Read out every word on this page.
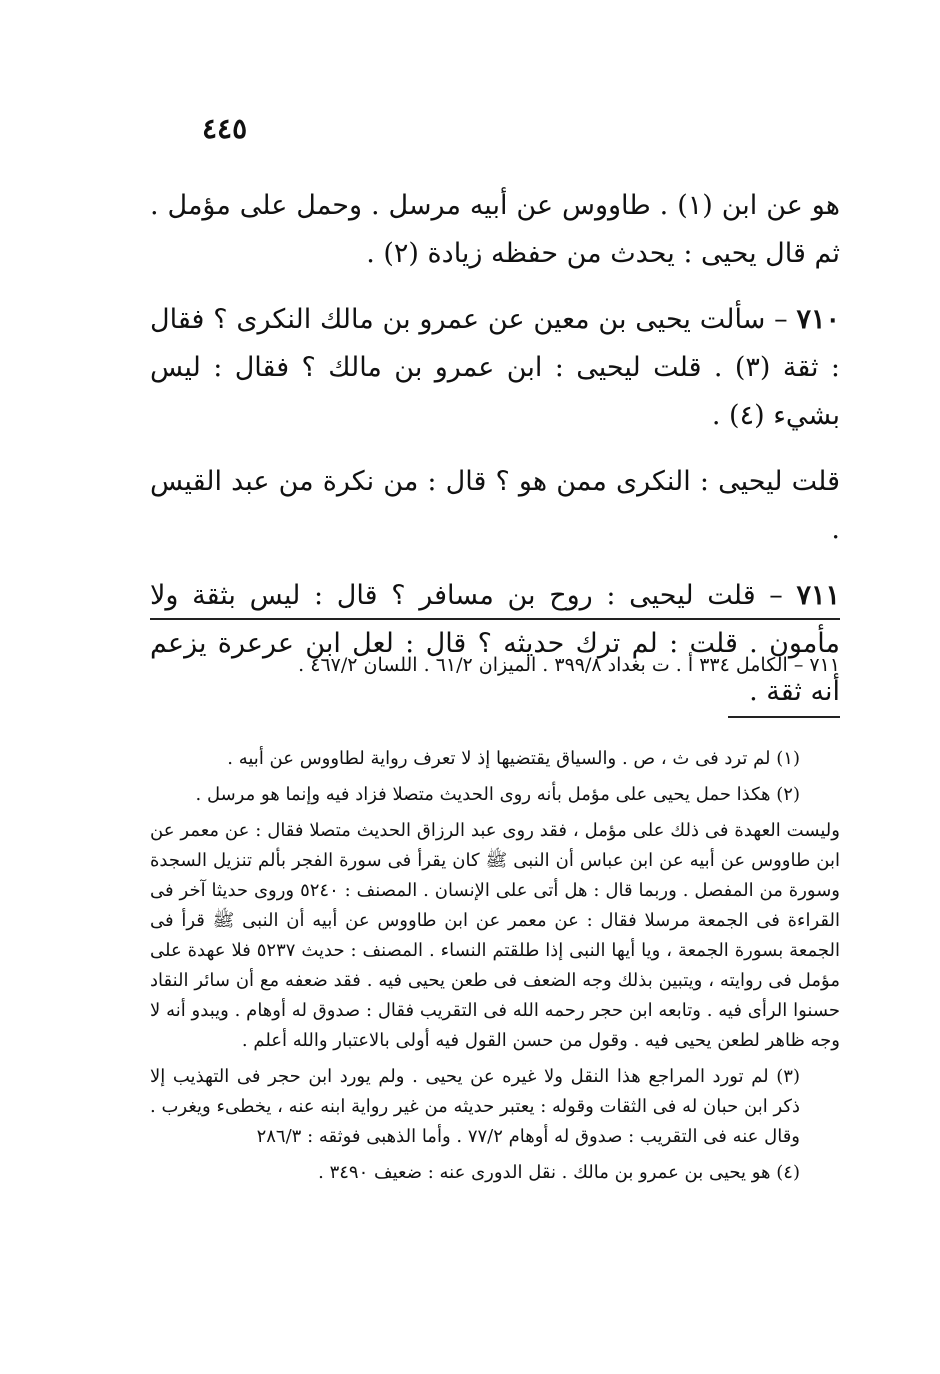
٤٤٥

هو عن ابن (١) . طاووس عن أبيه مرسل . وحمل على مؤمل . ثم قال يحيى : يحدث من حفظه زيادة (٢) .

٧١٠ – سألت يحيى بن معين عن عمرو بن مالك النكرى ؟ فقال : ثقة (٣) . قلت ليحيى : ابن عمرو بن مالك ؟ فقال : ليس بشيء (٤) .

قلت ليحيى : النكرى ممن هو ؟ قال : من نكرة من عبد القيس .

٧١١ – قلت ليحيى : روح بن مسافر ؟ قال : ليس بثقة ولا مأمون . قلت : لم ترك حديثه ؟ قال : لعل ابن عرعرة يزعم أنه ثقة .

٧١١ – الكامل ٣٣٤ أ . ت بغداد ٣٩٩/٨ . الميزان ٦١/٢ . اللسان ٤٦٧/٢ .

(١) لم ترد فى ث ، ص . والسياق يقتضيها إذ لا تعرف رواية لطاووس عن أبيه .

(٢) هكذا حمل يحيى على مؤمل بأنه روى الحديث متصلا فزاد فيه وإنما هو مرسل .

وليست العهدة فى ذلك على مؤمل ، فقد روى عبد الرزاق الحديث متصلا فقال : عن معمر عن ابن طاووس عن أبيه عن ابن عباس أن النبى ﷺ كان يقرأ فى سورة الفجر بألم تنزيل السجدة وسورة من المفصل . وربما قال : هل أتى على الإنسان . المصنف : ٥٢٤٠ وروى حديثا آخر فى القراءة فى الجمعة مرسلا فقال : عن معمر عن ابن طاووس عن أبيه أن النبى ﷺ قرأ فى الجمعة بسورة الجمعة ، ويا أيها النبى إذا طلقتم النساء . المصنف : حديث ٥٢٣٧ فلا عهدة على مؤمل فى روايته ، ويتبين بذلك وجه الضعف فى طعن يحيى فيه . فقد ضعفه مع أن سائر النقاد حسنوا الرأى فيه . وتابعه ابن حجر رحمه الله فى التقريب فقال : صدوق له أوهام . ويبدو أنه لا وجه ظاهر لطعن يحيى فيه . وقول من حسن القول فيه أولى بالاعتبار والله أعلم .

(٣) لم تورد المراجع هذا النقل ولا غيره عن يحيى . ولم يورد ابن حجر فى التهذيب إلا ذكر ابن حبان له فى الثقات وقوله : يعتبر حديثه من غير رواية ابنه عنه ، يخطىء ويغرب . وقال عنه فى التقريب : صدوق له أوهام ٧٧/٢ . وأما الذهبى فوثقه : ٢٨٦/٣

(٤) هو يحيى بن عمرو بن مالك . نقل الدورى عنه : ضعيف ٣٤٩٠ .
